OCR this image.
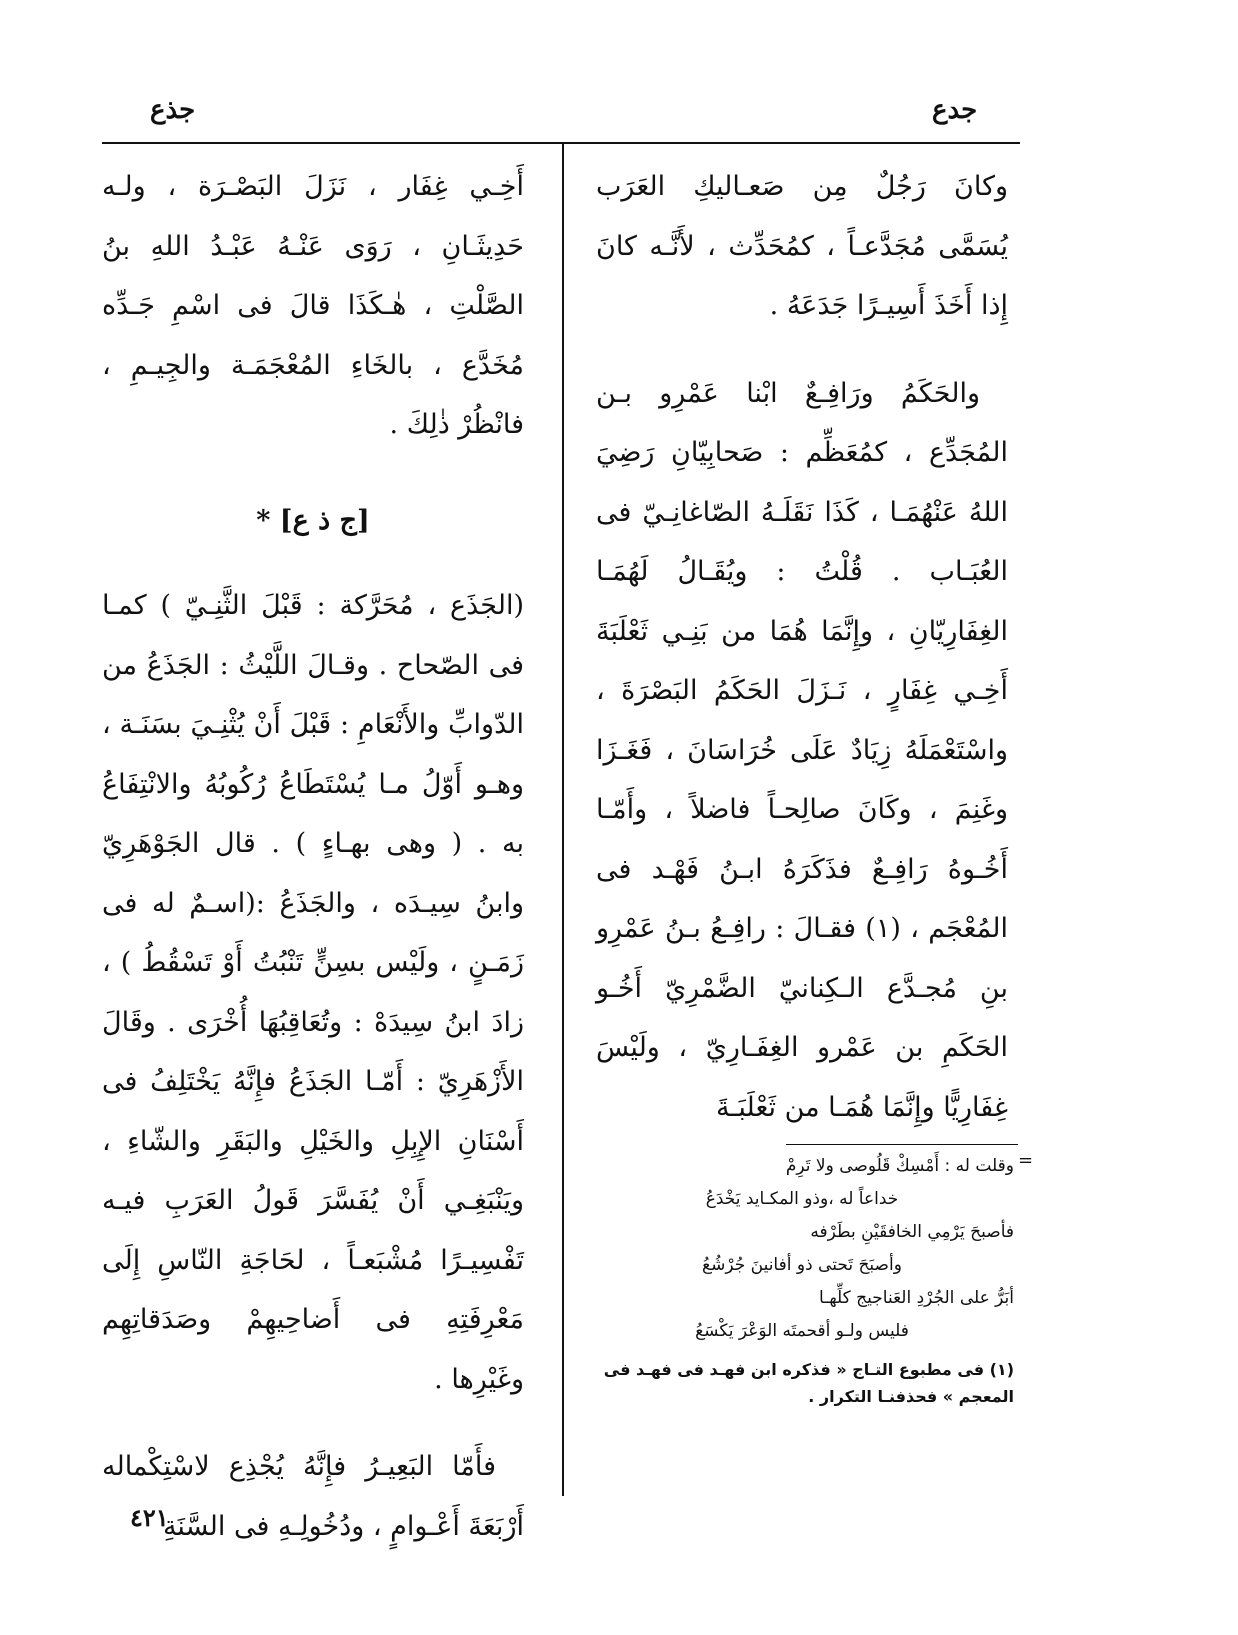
جدع
جذع

وكانَ رَجُلٌ مِن صَعـاليكِ العَرَب يُسَمَّى مُجَدَّعـاً ، كمُحَدِّث ، لأَنَّـه كانَ إِذا أَخَذَ أَسِيـرًا جَدَعَهُ .

والحَكَمُ ورَافِـعٌ ابْنا عَمْرِو بـن المُجَدِّع ، كمُعَظِّم : صَحابِيّانِ رَضِيَ اللهُ عَنْهُمَـا ، كَذَا نَقَلَـهُ الصّاغانِـيّ فى العُبَـاب . قُلْتُ : ويُقَـالُ لَهُمَـا الغِفَارِيّانِ ، وإِنَّمَا هُمَا من بَنِـي ثَعْلَبَةَ أَخِـي غِفَارٍ ، نَـزَلَ الحَكَمُ البَصْرَةَ ، واسْتَعْمَلَهُ زِيَادٌ عَلَى خُرَاسَانَ ، فَغَـزَا وغَنِمَ ، وكَانَ صالِحـاً فاضلاً ، وأَمّـا أَخُـوهُ رَافِـعٌ فذَكَرَهُ ابـنُ فَهْـد فى المُعْجَم ، (١) فقـالَ : رافِـعُ بـنُ عَمْرِو بنِ مُجـدَّع الـكِنانيّ الضَّمْرِيّ أَخُـو الحَكَمِ بن عَمْرو الغِفَـارِيّ ، ولَيْسَ غِفَارِيًّا وإِنَّمَا هُمَـا من ثَعْلَبَـةَ

أَخِـي غِفَار ، نَزَلَ البَصْـرَة ، ولـه حَدِيثَـانِ ، رَوَى عَنْـهُ عَبْـدُ اللهِ بنُ الصَّلْتِ ، هٰـكَذَا قالَ فى اسْمِ جَـدِّه مُخَدَّع ، بالخَاءِ المُعْجَمَـة والجِيـمِ ، فانْظُرْ ذٰلِكَ .

[ج ذ ع] *

(الجَذَع ، مُحَرَّكة : قَبْلَ الثَّنِـيّ ) كمـا فى الصّحاح . وقـالَ اللَّيْثُ : الجَذَعُ من الدّوابِّ والأَنْعَامِ : قَبْلَ أَنْ يُثْنِـيَ بسَنَـة ، وهـو أَوّلُ مـا يُسْتَطَاعُ رُكُوبُهُ والانْتِفَاعُ به . ( وهى بهـاءٍ ) . قال الجَوْهَرِيّ وابنُ سِيـدَه ، والجَذَعُ :(اسـمٌ له فى زَمَـنٍ ، ولَيْس بسِنٍّ تَنْبُتُ أَوْ تَسْقُطُ ) ، زادَ ابنُ سِيدَهْ : وتُعَاقِبُهَا أُخْرَى . وقَالَ الأَزْهَرِيّ : أَمّـا الجَذَعُ فإِنَّهُ يَخْتَلِفُ فى أَسْنَانِ الإِبِلِ والخَيْلِ والبَقَرِ والشّاءِ ، ويَنْبَغِـي أَنْ يُفَسَّرَ قَولُ العَرَبِ فيـه تَفْسِيـرًا مُشْبَعـاً ، لحَاجَةِ النّاسِ إِلَى مَعْرِفَتِهِ فى أَضاحِيهِمْ وصَدَقاتِهِم وغَيْرِها .

فأَمّا البَعِيـرُ فإِنَّهُ يُجْذِع لاسْتِكْماله أَرْبَعَةَ أَعْـوامٍ ، ودُخُولِـهِ فى السَّنَةِ

=

وقلت له : أَمْسِكْ قَلُوصى ولا تَرِمْ

خداعاً له ،وذو المكـايد يَخْدَعُ

فأصبحَ يَرْمِي الخافقَيْنِ بطَرْفه

وأصبَحَ تَحتى ذو أفانينَ جُرْشُعُ

أبَرُّ على الجُرْدِ العَناجيج كلِّهـا

فليس ولـو أقحمتَه الوَعْرَ يَكْسَعُ

(١) فى مطبوع التـاج « فذكره ابن فهـد فى فهـد فى المعجم » فحذفنـا التكرار .

٤٢١
